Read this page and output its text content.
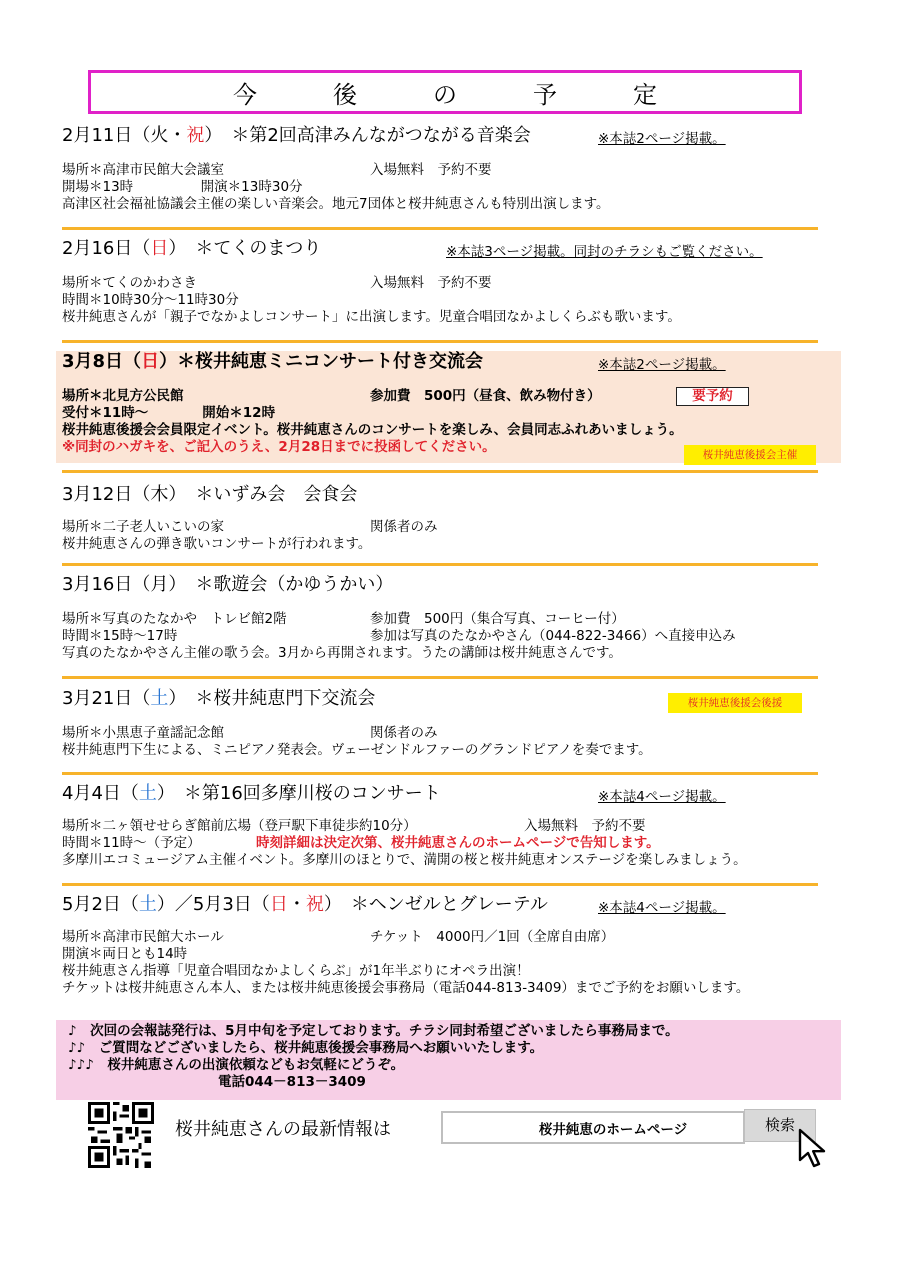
今　後　の　予　定
2月11日（火・祝）　＊第2回高津みんながつながる音楽会	※本誌2ページ掲載。
場所＊高津市民館大会議室	入場無料　予約不要
開場＊13時　　　　　開演＊13時30分
高津区社会福祉協議会主催の楽しい音楽会。地元7団体と桜井純恵さんも特別出演します。
2月16日（日）　＊てくのまつり	※本誌3ページ掲載。同封のチラシもご覧ください。
場所＊てくのかわさき	入場無料　予約不要
時間＊10時30分～11時30分
桜井純恵さんが「親子でなかよしコンサート」に出演します。児童合唱団なかよしくらぶも歌います。
3月8日（日）＊桜井純恵ミニコンサート付き交流会	※本誌2ページ掲載。
場所＊北見方公民館	参加費　500円（昼食、飲み物付き）
受付＊11時～　　　　開始＊12時
桜井純恵後援会会員限定イベント。桜井純恵さんのコンサートを楽しみ、会員同志ふれあいましょう。
※同封のハガキを、ご記入のうえ、2月28日までに投函してください。
要予約
桜井純恵後援会主催
3月12日（木）　＊いずみ会　会食会
場所＊二子老人いこいの家	関係者のみ
桜井純恵さんの弾き歌いコンサートが行われます。
3月16日（月）　＊歌遊会（かゆうかい）
場所＊写真のたなかや　トレビ館2階	参加費　500円（集合写真、コーヒー付）
時間＊15時～17時	参加は写真のたなかやさん（044-822-3466）へ直接申込み
写真のたなかやさん主催の歌う会。3月から再開されます。うたの講師は桜井純恵さんです。
3月21日（土）　＊桜井純恵門下交流会
場所＊小黒恵子童謡記念館	関係者のみ
桜井純恵門下生による、ミニピアノ発表会。ヴェーゼンドルファーのグランドピアノを奏でます。
桜井純恵後援会後援
4月4日（土）　＊第16回多摩川桜のコンサート	※本誌4ページ掲載。
場所＊二ヶ領せせらぎ館前広場（登戸駅下車徒歩約10分）	入場無料　予約不要
時間＊11時～（予定）	時刻詳細は決定次第、桜井純恵さんのホームページで告知します。
多摩川エコミュージアム主催イベント。多摩川のほとりで、満開の桜と桜井純恵オンステージを楽しみましょう。
5月2日（土）／5月3日（日・祝）　＊ヘンゼルとグレーテル	※本誌4ページ掲載。
場所＊高津市民館大ホール	チケット　4000円／1回（全席自由席）
開演＊両日とも14時
桜井純恵さん指導「児童合唱団なかよしくらぶ」が1年半ぶりにオペラ出演！
チケットは桜井純恵さん本人、または桜井純恵後援会事務局（電話044-813-3409）までご予約をお願いします。
♪　次回の会報誌発行は、5月中旬を予定しております。チラシ同封希望ございましたら事務局まで。
♪♪　ご質問などございましたら、桜井純恵後援会事務局へお願いいたします。
♪♪♪　桜井純恵さんの出演依頼などもお気軽にどうぞ。
電話044－813－3409
桜井純恵さんの最新情報は	桜井純恵のホームページ	検索
